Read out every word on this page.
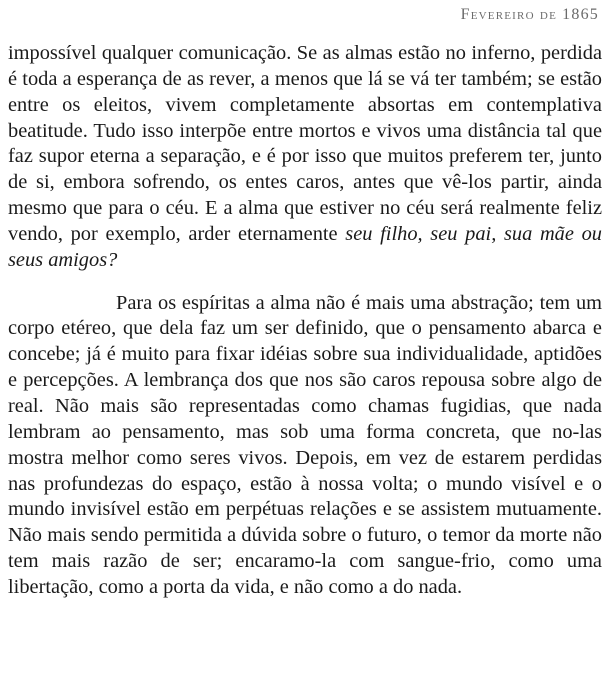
Fevereiro de 1865

impossível qualquer comunicação. Se as almas estão no inferno, perdida é toda a esperança de as rever, a menos que lá se vá ter também; se estão entre os eleitos, vivem completamente absortas em contemplativa beatitude. Tudo isso interpõe entre mortos e vivos uma distância tal que faz supor eterna a separação, e é por isso que muitos preferem ter, junto de si, embora sofrendo, os entes caros, antes que vê-los partir, ainda mesmo que para o céu. E a alma que estiver no céu será realmente feliz vendo, por exemplo, arder eternamente seu filho, seu pai, sua mãe ou seus amigos?

Para os espíritas a alma não é mais uma abstração; tem um corpo etéreo, que dela faz um ser definido, que o pensamento abarca e concebe; já é muito para fixar idéias sobre sua individualidade, aptidões e percepções. A lembrança dos que nos são caros repousa sobre algo de real. Não mais são representadas como chamas fugidias, que nada lembram ao pensamento, mas sob uma forma concreta, que no-las mostra melhor como seres vivos. Depois, em vez de estarem perdidas nas profundezas do espaço, estão à nossa volta; o mundo visível e o mundo invisível estão em perpétuas relações e se assistem mutuamente. Não mais sendo permitida a dúvida sobre o futuro, o temor da morte não tem mais razão de ser; encaramo-la com sangue-frio, como uma libertação, como a porta da vida, e não como a do nada.
